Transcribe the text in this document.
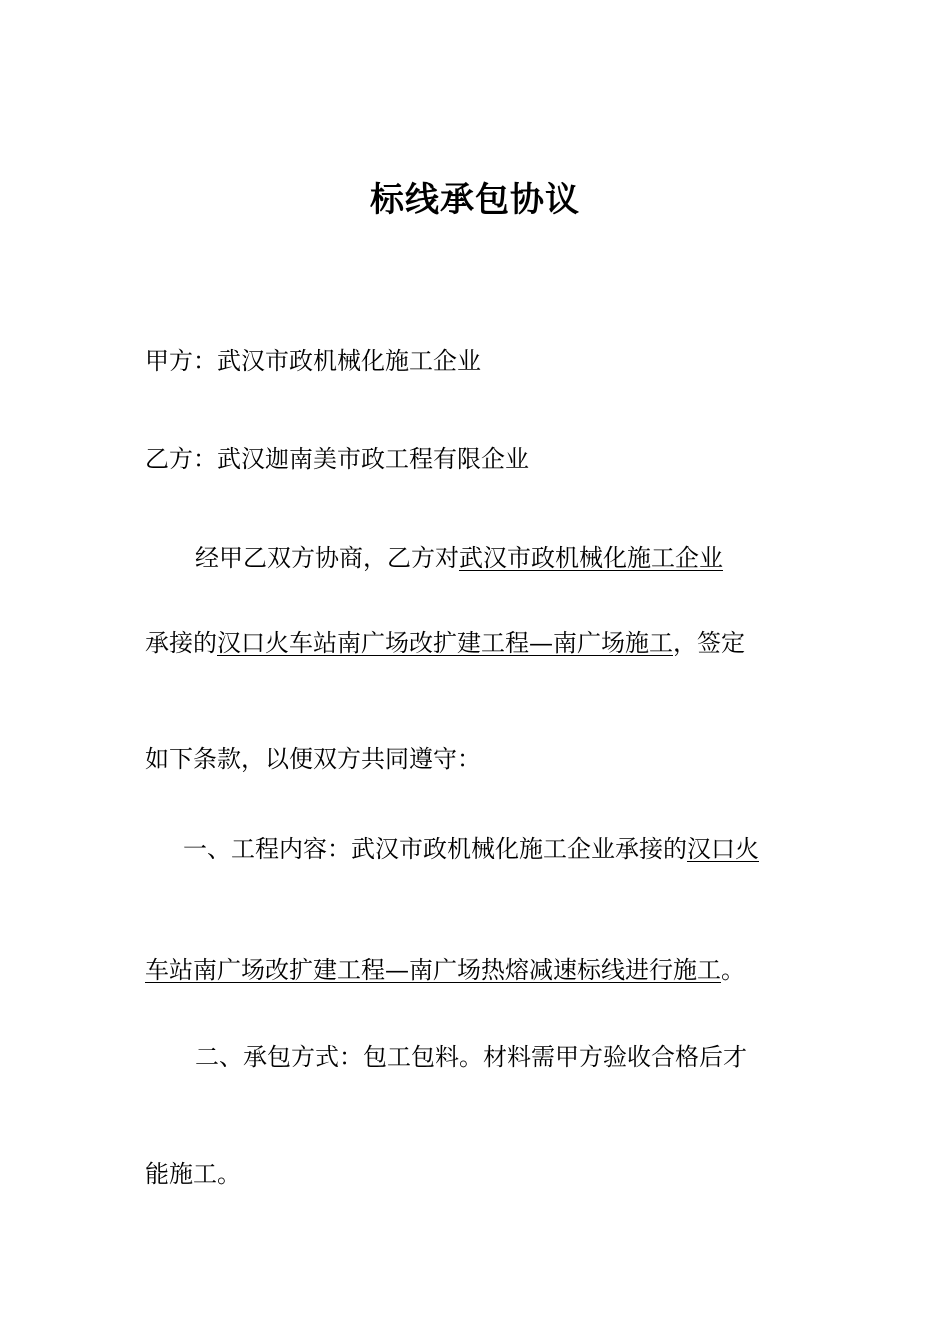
标线承包协议
甲方：武汉市政机械化施工企业
乙方：武汉迦南美市政工程有限企业
经甲乙双方协商，乙方对武汉市政机械化施工企业
承接的汉口火车站南广场改扩建工程—南广场施工，签定
如下条款，以便双方共同遵守：
一、工程内容：武汉市政机械化施工企业承接的汉口火
车站南广场改扩建工程—南广场热熔减速标线进行施工。
二、承包方式：包工包料。材料需甲方验收合格后才
能施工。
